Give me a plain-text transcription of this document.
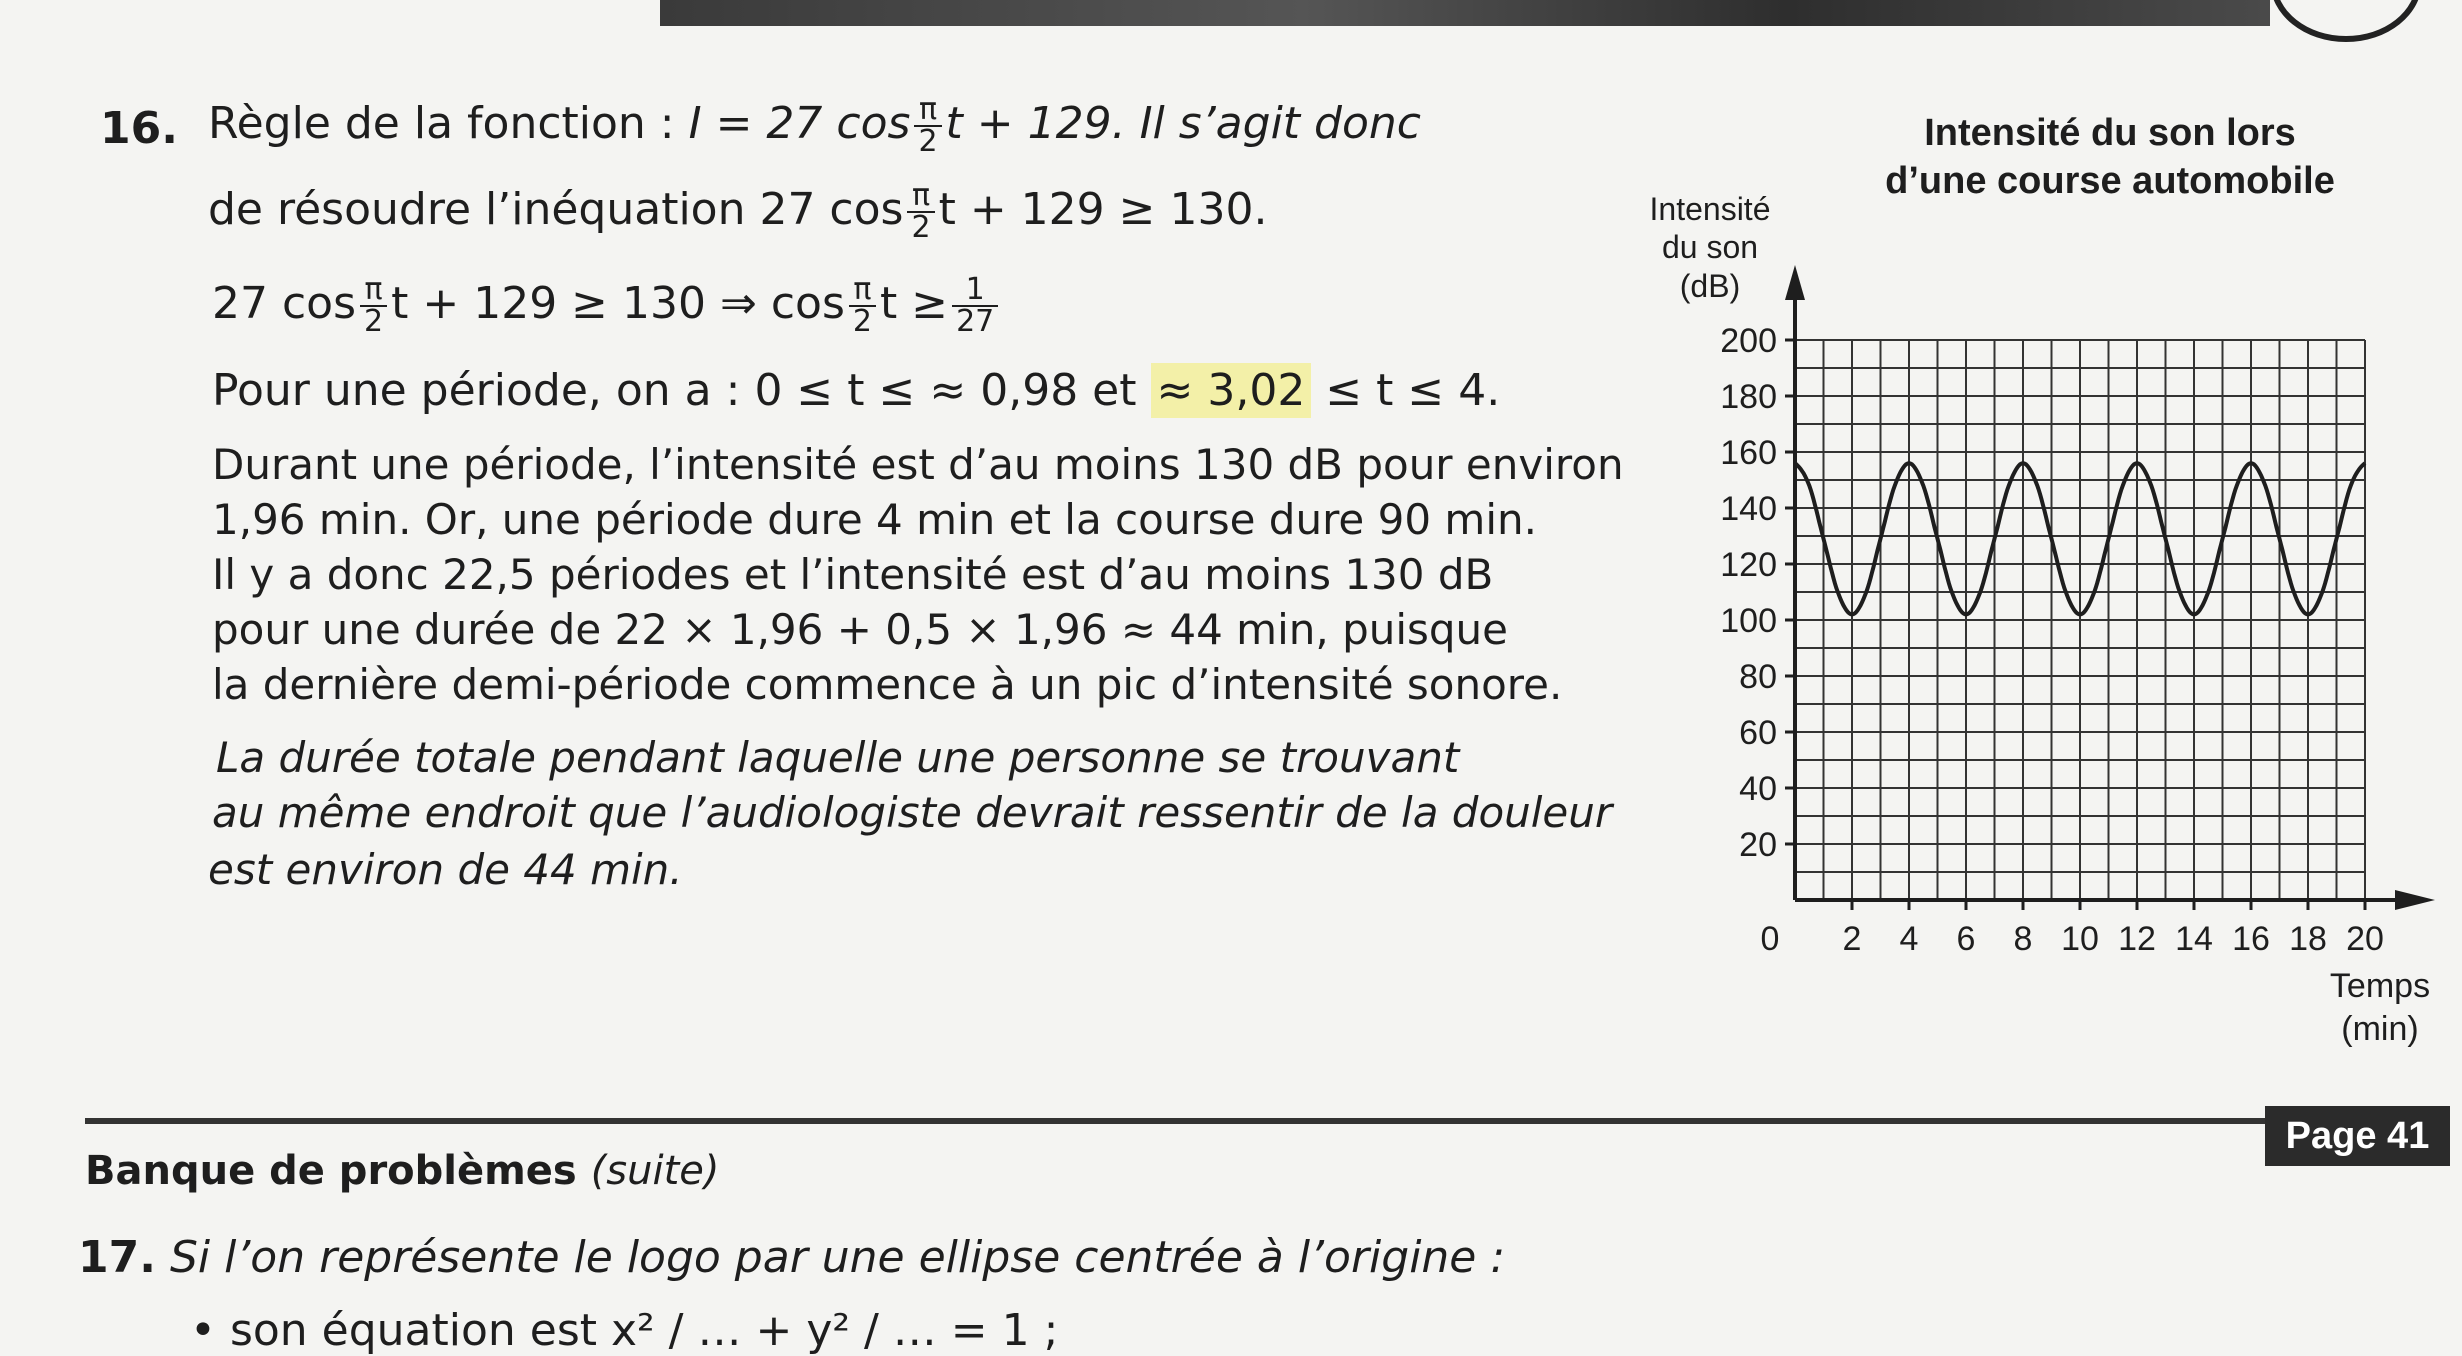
16. Règle de la fonction : I = 27 $\cos \frac{\pi}{2}$ t + 129. Il s’agit donc
de résoudre l’inéquation 27 $\cos \frac{\pi}{2}$ t + 129 ≥ 130.
27 $\cos \frac{\pi}{2}$ t + 129 ≥ 130 ⇒ $\cos \frac{\pi}{2}$ $t \ge \frac{1}{27}$
Pour une période, on a : 0 ≤ t ≤ ≈ 0,98 et ≈ 3,02 ≤ t ≤ 4.
Durant une période, l’intensité est d’au moins 130 dB pour environ
1,96 min. Or, une période dure 4 min et la course dure 90 min.
Il y a donc 22,5 périodes et l’intensité est d’au moins 130 dB
pour une durée de 22 × 1,96 + 0,5 × 1,96 ≈ 44 min, puisque
la dernière demi-période commence à un pic d’intensité sonore.
La durée totale pendant laquelle une personne se trouvant
au même endroit que l’audiologiste devrait ressentir de la douleur
est environ de 44 min.
Intensité du son lors
d’une course automobile
Intensité
du son
(dB)
20
40
60
80
100
120
140
160
180
200
0 2 4 6 8 10 12 14 16 18 20
Temps
(min)
Page 41
Banque de problèmes (suite)
17. Si l’on représente le logo par une ellipse centrée à l’origine :
• son équation est x² / … + y² / … = 1 ;
